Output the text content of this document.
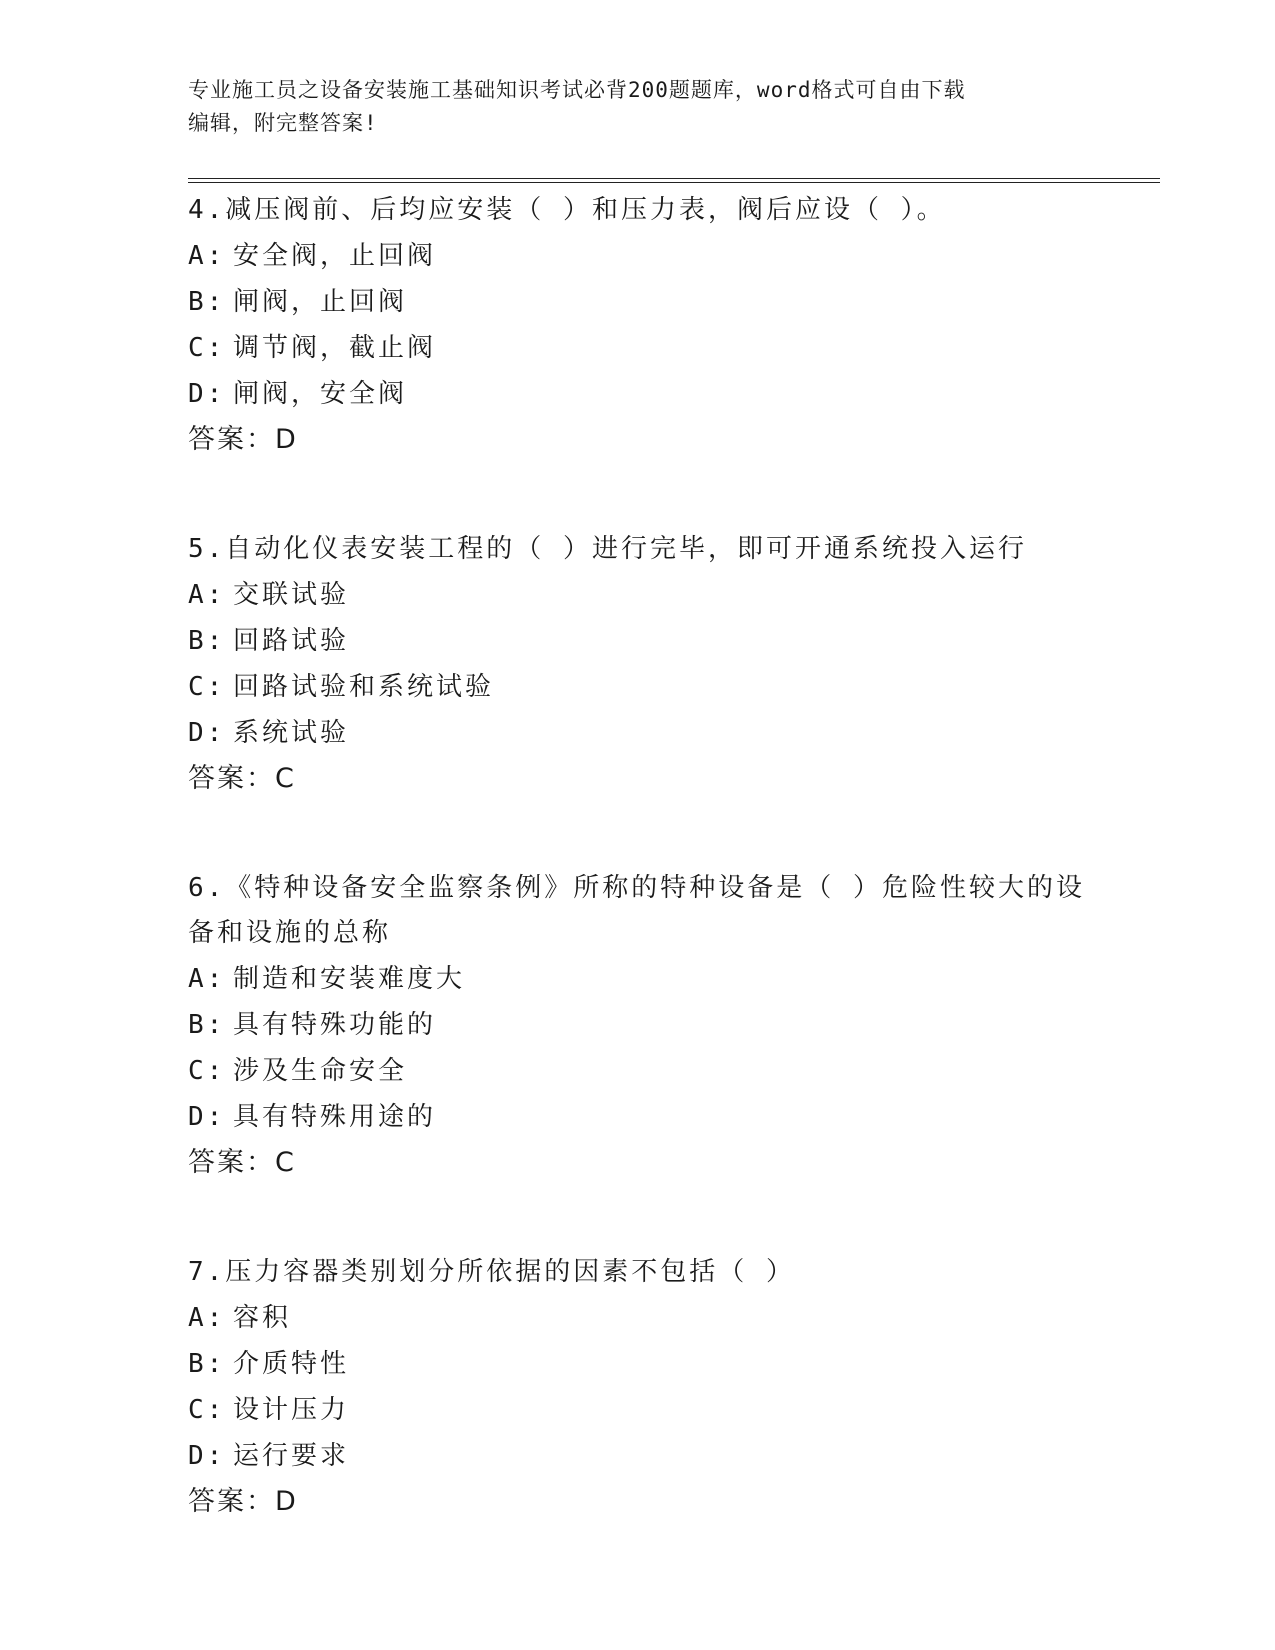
专业施工员之设备安装施工基础知识考试必背200题题库，word格式可自由下载
编辑，附完整答案!
4.减压阀前、后均应安装（ ）和压力表，阀后应设（ ）。
A: 安全阀，止回阀
B: 闸阀，止回阀
C: 调节阀，截止阀
D: 闸阀，安全阀
答案：D
5.自动化仪表安装工程的（ ）进行完毕，即可开通系统投入运行
A: 交联试验
B: 回路试验
C: 回路试验和系统试验
D: 系统试验
答案：C
6.《特种设备安全监察条例》所称的特种设备是（ ）危险性较大的设备和设施的总称
A: 制造和安装难度大
B: 具有特殊功能的
C: 涉及生命安全
D: 具有特殊用途的
答案：C
7.压力容器类别划分所依据的因素不包括（ ）
A: 容积
B: 介质特性
C: 设计压力
D: 运行要求
答案：D
